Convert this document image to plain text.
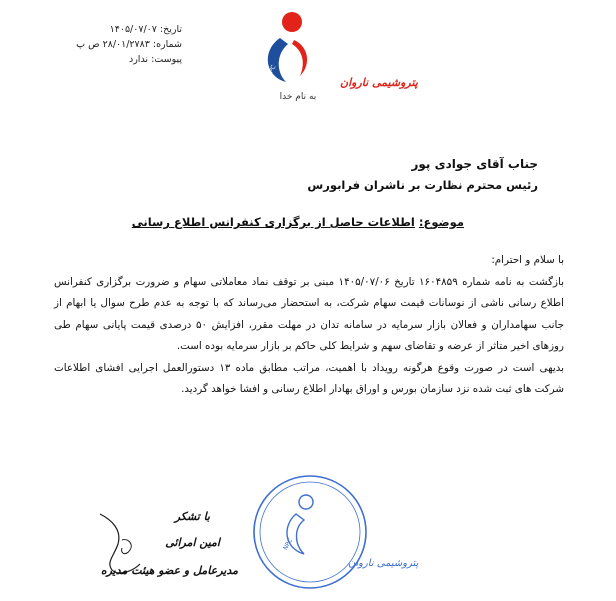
تاریخ: ۱۴۰۵/۰۷/۰۷
شماره: ۲۸/۰۱/۲۷۸۳ ص پ
پیوست: ندارد
NPC
پتروشیمی ناروان
به نام خدا
جناب آقای جوادی پور
رئیس محترم نظارت بر ناشران فرابورس
موضوع: اطلاعات حاصل از برگزاری کنفرانس اطلاع رسانی

با سلام و احترام:

بازگشت به نامه شماره ۱۶۰۴۸۵۹ تاریخ ۱۴۰۵/۰۷/۰۶ مبنی بر توقف نماد معاملاتی سهام و ضرورت برگزاری کنفرانس اطلاع رسانی ناشی از نوسانات قیمت سهام شرکت، به استحضار می‌رساند که با توجه به عدم طرح سوال یا ابهام از جانب سهامداران و فعالان بازار سرمایه در سامانه تدان در مهلت مقرر، افزایش ۵۰ درصدی قیمت پایانی سهام طی روزهای اخیر متاثر از عرضه و تقاضای سهم و شرایط کلی حاکم بر بازار سرمایه بوده است.

بدیهی است در صورت وقوع هرگونه رویداد با اهمیت، مراتب مطابق ماده ۱۳ دستورالعمل اجرایی افشای اطلاعات شرکت های ثبت شده نزد سازمان بورس و اوراق بهادار اطلاع رسانی و افشا خواهد گردید.

NPC
پتروشیمی ناروان
با تشکر
امین امرائی
مدیرعامل و عضو هیئت مدیره
